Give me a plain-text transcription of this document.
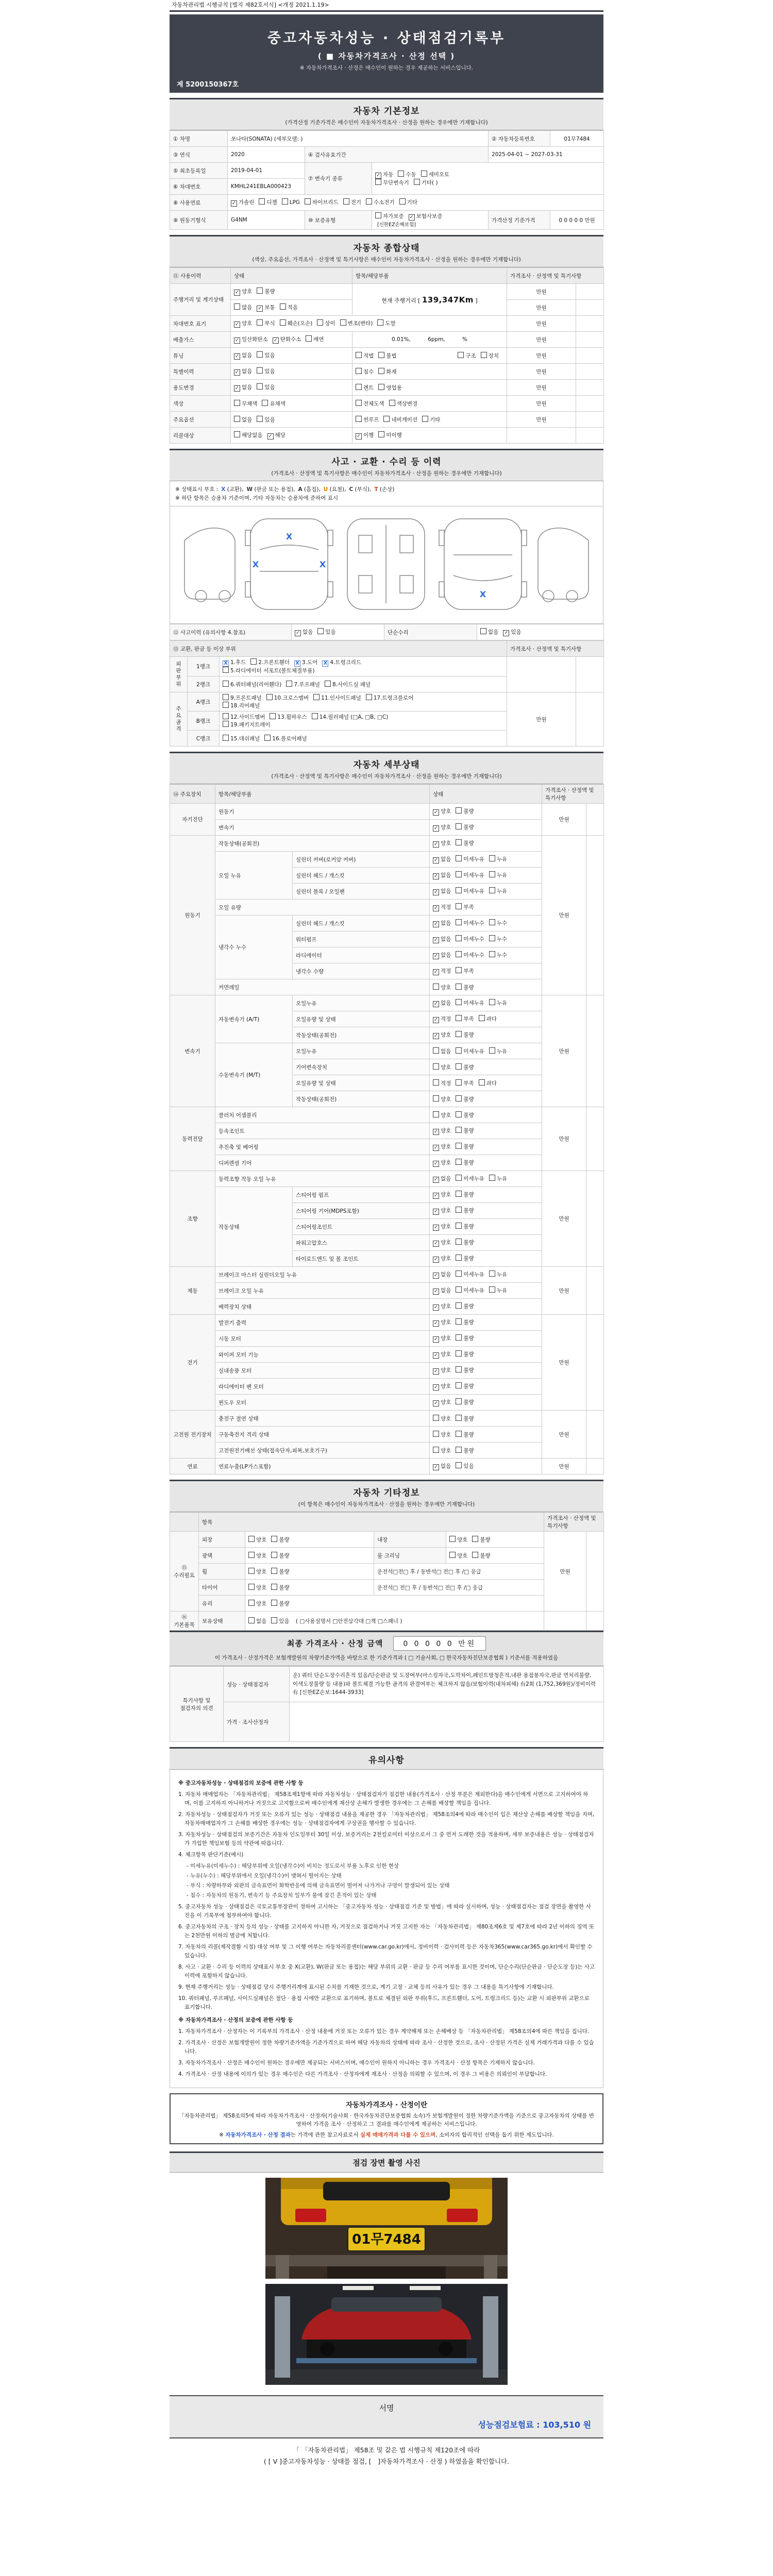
자동차관리법 시행규칙 [별지 제82호서식] <개정 2021.1.19>
중고자동차성능 · 상태점검기록부
( ■ 자동차가격조사 · 산정 선택 )
※ 자동차가격조사 · 산정은 매수인이 원하는 경우 제공하는 서비스입니다.
제 5200150367호
자동차 기본정보
(가격산정 기준가격은 매수인이 자동차가격조사 · 산정을 원하는 경우에만 기재합니다)
① 차명	쏘나타(SONATA) (세부모델: )			② 자동차등록번호	01무7484
③ 연식	2020	④ 검사유효기간		2025-04-01 ~ 2027-03-31	
⑤ 최초등록일	2019-04-01	⑦ 변속기 종류	✓ 자동 수동 세미오토
무단변속기 기타( )		

⑥ 차대번호	KMHL241EBLA000423				
⑧ 사용연료	✓ 가솔린 디젤 LPG 하이브리드 전기 수소전기 기타				
⑨ 원동기형식	G4NM	⑩ 보증유형	자가보증 ✓ 보험사보증[신한EZ손해보험]	가격산정 기준가격	0 0 0 0 0 만원
자동차 종합상태
(색상, 주요옵션, 가격조사 · 산정액 및 특기사항은 매수인이 자동차가격조사 · 산정을 원하는 경우에만 기재합니다)
⑪ 사용이력	상태	항목/해당부품	가격조사 · 산정액 및 특기사항	
주행거리 및 계기상태	✓ 양호 불량	현재 주행거리 [ 139,347Km ]	만원	
	많음 ✓ 보통 적음		만원	
차대번호 표기	✓ 양호 부식 훼손(오손) 상이 변조(변타) 도말		만원	
배출가스	✓ 일산화탄소 ✓ 탄화수소 매연	0.01%,          6ppm,          %	만원	
튜닝	✓ 없음 있음	적법 불법 구조 장치	만원	
특별이력	✓ 없음 있음	침수 화재	만원	
용도변경	✓ 없음 있음	렌트 영업용	만원	
색상	무채색 유채색	전체도색 색상변경	만원	
주요옵션	없음 있음	썬루프 네비게이션 기타	만원	
리콜대상	해당없음 ✓ 해당	✓ 이행 미이행		
사고 · 교환 · 수리 등 이력
(가격조사 · 산정액 및 특기사항은 매수인이 자동차가격조사 · 산정을 원하는 경우에만 기재합니다)
※ 상태표시 부호 : X (교환), W (판금 또는 용접), A (흠집), U (요철), C (부식), T (손상)
※ 하단 항목은 승용차 기준이며, 기타 자동차는 승용차에 준하여 표시
X
X	X
X
⑫ 사고이력 (유의사항 4.참조)	✓ 없음 있음	단순수리	없음 ✓ 있음
⑬ 교환, 판금 등 이상 부위			가격조사 · 산정액 및 특기사항	

외판부위	1랭크	X 1.후드 2.프론트휀더 X 3.도어 X 4.트렁크리드
5.라디에이터 서포트(볼트체결부품)		

	2랭크	6.쿼터패널(리어휀다) 7.루프패널 8.사이드실 패널		

주요골격	A랭크	9.프론트패널 10.크로스멤버 11.인사이드패널 17.트렁크플로어
18.리어패널	만원	
	B랭크	12.사이드멤버 13.휠하우스 14.필러패널 (□A, □B, □C)
19.패키지트레이		

	C랭크	15.대쉬패널 16.플로어패널		
자동차 세부상태
(가격조사 · 산정액 및 특기사항은 매수인이 자동차가격조사 · 산정을 원하는 경우에만 기재합니다)
⑭ 주요장치	항목/해당부품		상태	가격조사 · 산정액 및 특기사항	
자기진단	원동기		✓ 양호 불량	만원	
	변속기		✓ 양호 불량		
원동기	작동상태(공회전)		✓ 양호 불량	만원	
	오일 누유	실린더 커버(로커암 커버)	✓ 없음 미세누유 누유		
		실린더 헤드 / 개스킷	✓ 없음 미세누유 누유		
		실린더 블록 / 오일팬	✓ 없음 미세누유 누유		
	오일 유량		✓ 적정 부족		
	냉각수 누수	실린더 헤드 / 개스킷	✓ 없음 미세누수 누수		
		워터펌프	✓ 없음 미세누수 누수		
		라디에이터	✓ 없음 미세누수 누수		
		냉각수 수량	✓ 적정 부족		
	커먼레일		양호 불량		
변속기	자동변속기 (A/T)	오일누유	✓ 없음 미세누유 누유	만원	
		오일유량 및 상태	✓ 적정 부족 과다		
		작동상태(공회전)	✓ 양호 불량		
	수동변속기 (M/T)	오일누유	없음 미세누유 누유		
		기어변속장치	양호 불량		
		오일유량 및 상태	적정 부족 과다		
		작동상태(공회전)	양호 불량		
동력전달	클러치 어셈블리		양호 불량	만원	
	등속조인트		✓ 양호 불량		
	추진축 및 베어링		✓ 양호 불량		
	디퍼렌셜 기어		✓ 양호 불량		
조향	동력조향 작동 오일 누유		✓ 없음 미세누유 누유	만원	
	작동상태	스티어링 펌프	✓ 양호 불량		
		스티어링 기어(MDPS포함)	✓ 양호 불량		
		스티어링조인트	✓ 양호 불량		
		파워고압호스	✓ 양호 불량		
		타이로드엔드 및 볼 조인트	✓ 양호 불량		
제동	브레이크 마스터 실린더오일 누유		✓ 없음 미세누유 누유	만원	
	브레이크 오일 누유		✓ 없음 미세누유 누유		
	배력장치 상태		✓ 양호 불량		
전기	발전기 출력		✓ 양호 불량	만원	
	시동 모터		✓ 양호 불량		
	와이퍼 모터 기능		✓ 양호 불량		
	실내송풍 모터		✓ 양호 불량		
	라디에이터 팬 모터		✓ 양호 불량		
	윈도우 모터		✓ 양호 불량		
고전원 전기장치	충전구 절연 상태		양호 불량	만원	
	구동축전지 격리 상태		양호 불량		
	고전원전기배선 상태(접속단자,피복,보호기구)		양호 불량		
연료	연료누출(LP가스포함)		✓ 없음 있음	만원	
자동차 기타정보
(이 항목은 매수인이 자동차가격조사 · 산정을 원하는 경우에만 기재합니다)
	항목				가격조사 · 산정액 및 특기사항	
⑮ 수리필요	외장	양호 불량	내장	양호 불량	만원	
	광택	양호 불량	룸 크리닝	양호 불량		
	휠	양호 불량	운전석□전□ 후 / 동반석□ 전□ 후 /□ 응급			
	타이어	양호 불량	운전석□ 전□ 후 / 동반석□ 전□ 후 /□ 응급			
	유리	양호 불량				
⑯ 기본품목	보유상태	없음 있음 ( □사용설명서 □안전삼각대 □잭 □스패너 )				
최종 가격조사 · 산정 금액	0 0 0 0 0 만원
이 가격조사 · 산정가격은 보험개발원의 차량기준가액을 바탕으로 한 기준가격과 ( □ 기술사회, □ 한국자동차진단보증협회 ) 기준서를 적용하였음
특기사항 및 점검자의 의견	성능 · 상태점검자	운) 쿼터 단순도장수리흔적 있음/단순판금 및 도장여부(마스킹자국,도막차이,페인트방청흔적,내판 용접봉자국,판금 면처리불량,이색도장불량 등 내용)와 볼트체결 가능한 골격의 판결여부는 체크하지 않음/보험이력(내차피해) 有2회 (1,752,369원)/정비이력 有 [신한EZ손보:1644-3933]
	가격 · 조사산정자	
유의사항
※ 중고자동차성능 · 상태점검의 보증에 관한 사항 등

1. 자동차 매매업자는 「자동차관리법」 제58조제1항에 따라 자동차성능 · 상태점검자가 점검한 내용(가격조사 · 산정 부분은 제외한다)을 매수인에게 서면으로 고지하여야 하며, 이를 고지하지 아니하거나 거짓으로 고지함으로써 매수인에게 재산상 손해가 발생한 경우에는 그 손해를 배상할 책임을 집니다.

2. 자동차성능 · 상태점검자가 거짓 또는 오류가 있는 성능 · 상태점검 내용을 제공한 경우 「자동차관리법」 제58조의4에 따라 매수인이 입은 재산상 손해를 배상할 책임을 지며, 자동차매매업자가 그 손해를 배상한 경우에는 성능 · 상태점검자에게 구상권을 행사할 수 있습니다.

3. 자동차성능 · 상태점검의 보증기간은 자동차 인도일부터 30일 이상, 보증거리는 2천킬로미터 이상으로서 그 중 먼저 도래한 것을 적용하며, 세부 보증내용은 성능 · 상태점검자가 가입한 책임보험 등의 약관에 따릅니다.

4. 체크항목 판단기준(예시)

- 미세누유(미세누수) : 해당부위에 오일(냉각수)이 비치는 정도로서 부품 노후로 인한 현상

- 누유(누수) : 해당부위에서 오일(냉각수)이 맺혀서 떨어지는 상태

- 부식 : 차량하부와 외판의 금속표면이 화학반응에 의해 금속표면이 떨어져 나가거나 구멍이 발생되어 있는 상태

- 침수 : 자동차의 원동기, 변속기 등 주요장치 일부가 물에 잠긴 흔적이 있는 상태

5. 중고자동차 성능 · 상태점검은 국토교통부장관이 정하여 고시하는 「중고자동차 성능 · 상태점검 기준 및 방법」에 따라 실시하며, 성능 · 상태점검자는 점검 장면을 촬영한 사진을 이 기록부에 첨부하여야 합니다.

6. 중고자동차의 구조 · 장치 등의 성능 · 상태를 고지하지 아니한 자, 거짓으로 점검하거나 거짓 고지한 자는 「자동차관리법」 제80조제6호 및 제7호에 따라 2년 이하의 징역 또는 2천만원 이하의 벌금에 처합니다.

7. 자동차의 리콜(제작결함 시정) 대상 여부 및 그 이행 여부는 자동차리콜센터(www.car.go.kr)에서, 정비이력 · 검사이력 등은 자동차365(www.car365.go.kr)에서 확인할 수 있습니다.

8. 사고 · 교환 · 수리 등 이력의 상태표시 부호 중 X(교환), W(판금 또는 용접)는 해당 부위의 교환 · 판금 등 수리 여부를 표시한 것이며, 단순수리(단순판금 · 단순도장 등)는 사고이력에 포함하지 않습니다.

9. 현재 주행거리는 성능 · 상태점검 당시 주행거리계에 표시된 수치를 기재한 것으로, 계기 고장 · 교체 등의 사유가 있는 경우 그 내용을 특기사항에 기재합니다.

10. 쿼터패널, 루프패널, 사이드실패널은 절단 · 용접 시에만 교환으로 표기하며, 볼트로 체결된 외판 부위(후드, 프론트휀더, 도어, 트렁크리드 등)는 교환 시 외판부위 교환으로 표기합니다.

※ 자동차가격조사 · 산정의 보증에 관한 사항 등

1. 자동차가격조사 · 산정자는 이 기록부의 가격조사 · 산정 내용에 거짓 또는 오류가 있는 경우 계약해제 또는 손해배상 등 「자동차관리법」 제58조의4에 따른 책임을 집니다.

2. 가격조사 · 산정은 보험개발원이 정한 차량기준가액을 기준가격으로 하여 해당 자동차의 상태에 따라 조사 · 산정한 것으로, 조사 · 산정된 가격은 실제 거래가격과 다를 수 있습니다.

3. 자동차가격조사 · 산정은 매수인이 원하는 경우에만 제공되는 서비스이며, 매수인이 원하지 아니하는 경우 가격조사 · 산정 항목은 기재하지 않습니다.

4. 가격조사 · 산정 내용에 이의가 있는 경우 매수인은 다른 가격조사 · 산정자에게 재조사 · 산정을 의뢰할 수 있으며, 이 경우 그 비용은 의뢰인이 부담합니다.

자동차가격조사 · 산정이란
「자동차관리법」 제58조의5에 따라 자동차가격조사 · 산정자(기술사회 · 한국자동차진단보증협회 소속)가 보험개발원이 정한 차량기준가액을 기준으로 중고자동차의 상태를 반영하여 가격을 조사 · 산정하고 그 결과를 매수인에게 제공하는 서비스입니다.
※ 자동차가격조사 · 산정 결과는 가격에 관한 참고자료로서 실제 매매가격과 다를 수 있으며, 소비자의 합리적인 선택을 돕기 위한 제도입니다.
점검 장면 촬영 사진
01무7484
서명
성능점검보험료 : 103,510 원
「 「자동차관리법」 제58조 및 같은 법 시행규칙 제120조에 따라
( [ V ]중고자동차성능 · 상태를 점검, [　]자동차가격조사 · 산정 ) 하였음을 확인합니다.
